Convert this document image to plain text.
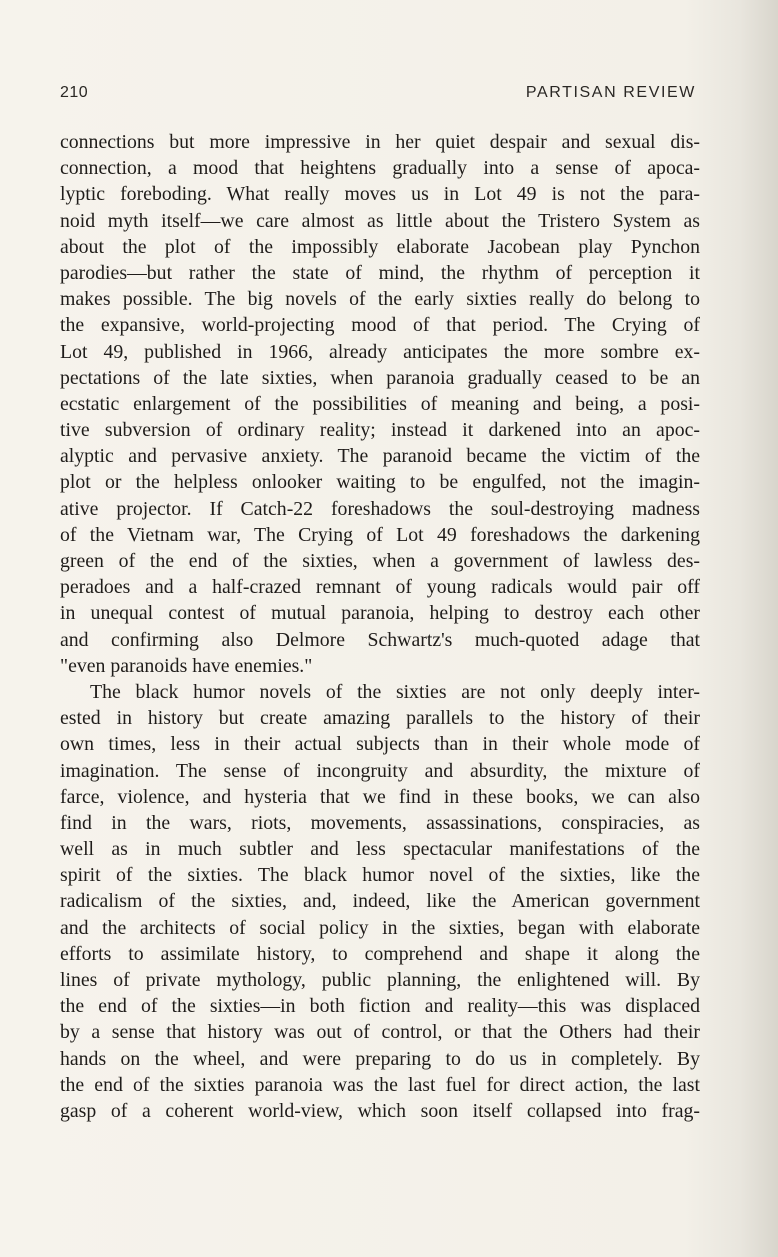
210	PARTISAN REVIEW
connections but more impressive in her quiet despair and sexual dis-
connection, a mood that heightens gradually into a sense of apoca-
lyptic foreboding. What really moves us in Lot 49 is not the para-
noid myth itself—we care almost as little about the Tristero System as
about the plot of the impossibly elaborate Jacobean play Pynchon
parodies—but rather the state of mind, the rhythm of perception it
makes possible. The big novels of the early sixties really do belong to
the expansive, world-projecting mood of that period. The Crying of
Lot 49, published in 1966, already anticipates the more sombre ex-
pectations of the late sixties, when paranoia gradually ceased to be an
ecstatic enlargement of the possibilities of meaning and being, a posi-
tive subversion of ordinary reality; instead it darkened into an apoc-
alyptic and pervasive anxiety. The paranoid became the victim of the
plot or the helpless onlooker waiting to be engulfed, not the imagin-
ative projector. If Catch-22 foreshadows the soul-destroying madness
of the Vietnam war, The Crying of Lot 49 foreshadows the darkening
green of the end of the sixties, when a government of lawless des-
peradoes and a half-crazed remnant of young radicals would pair off
in unequal contest of mutual paranoia, helping to destroy each other
and confirming also Delmore Schwartz's much-quoted adage that
"even paranoids have enemies."
The black humor novels of the sixties are not only deeply inter-
ested in history but create amazing parallels to the history of their
own times, less in their actual subjects than in their whole mode of
imagination. The sense of incongruity and absurdity, the mixture of
farce, violence, and hysteria that we find in these books, we can also
find in the wars, riots, movements, assassinations, conspiracies, as
well as in much subtler and less spectacular manifestations of the
spirit of the sixties. The black humor novel of the sixties, like the
radicalism of the sixties, and, indeed, like the American government
and the architects of social policy in the sixties, began with elaborate
efforts to assimilate history, to comprehend and shape it along the
lines of private mythology, public planning, the enlightened will. By
the end of the sixties—in both fiction and reality—this was displaced
by a sense that history was out of control, or that the Others had their
hands on the wheel, and were preparing to do us in completely. By
the end of the sixties paranoia was the last fuel for direct action, the last
gasp of a coherent world-view, which soon itself collapsed into frag-
